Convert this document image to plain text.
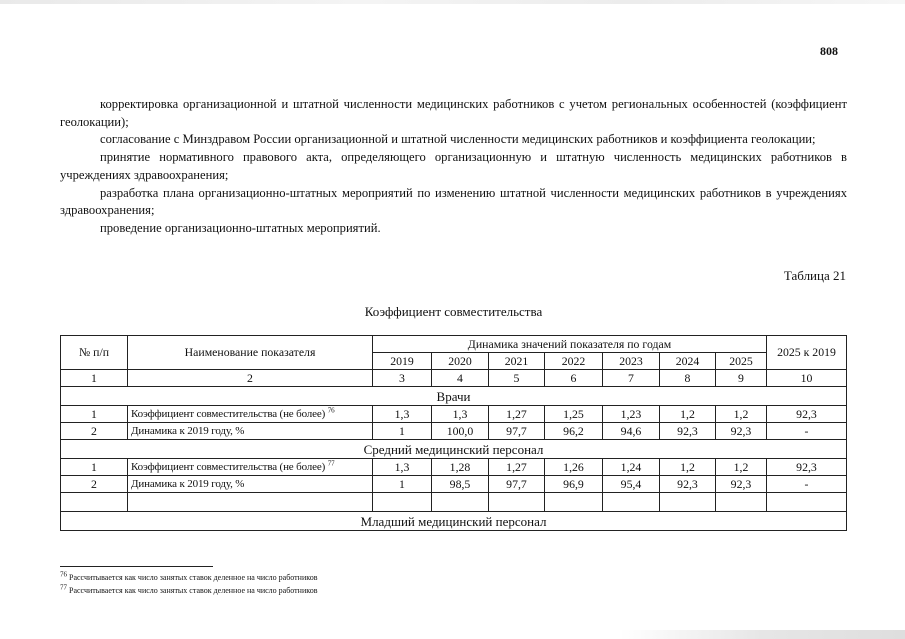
808

корректировка организационной и штатной численности медицинских работников с учетом региональных особенностей (коэффициент геолокации);

согласование с Минздравом России организационной и штатной численности медицинских работников и коэффициента геолокации;

принятие нормативного правового акта, определяющего организационную и штатную численность медицинских работников в учреждениях здравоохранения;

разработка плана организационно-штатных мероприятий по изменению штатной численности медицинских работников в учреждениях здравоохранения;

проведение организационно-штатных мероприятий.

Таблица 21
Коэффициент совместительства
№ п/п	Наименование показателя	Динамика значений показателя по годам							2025 к 2019
		2019	2020	2021	2022	2023	2024	2025	
1	2	3	4	5	6	7	8	9	10
Врачи									
1	Коэффициент совместительства (не более) $^{76}$	1,3	1,3	1,27	1,25	1,23	1,2	1,2	92,3
2	Динамика к 2019 году, %	1	100,0	97,7	96,2	94,6	92,3	92,3	-
Средний медицинский персонал									
1	Коэффициент совместительства (не более) $^{77}$	1,3	1,28	1,27	1,26	1,24	1,2	1,2	92,3
2	Динамика к 2019 году, %	1	98,5	97,7	96,9	95,4	92,3	92,3	-

Младший медицинский персонал									
$^{76}$ Рассчитывается как число занятых ставок деленное на число работников
$^{77}$ Рассчитывается как число занятых ставок деленное на число работников
